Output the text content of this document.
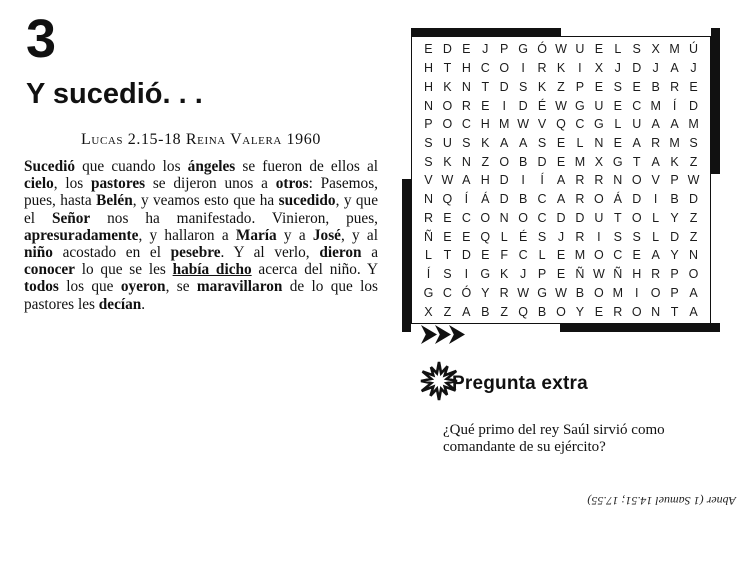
3
Y sucedió. . .
Lucas 2.15-18 Reina Valera 1960

Sucedió que cuando los ángeles se fueron de ellos al cielo, los pastores se dijeron unos a otros: Pasemos, pues, hasta Belén, y veamos esto que ha sucedido, y que el Señor nos ha manifestado. Vinieron, pues, apresuradamente, y hallaron a María y a José, y al niño acostado en el pesebre. Y al verlo, dieron a conocer lo que se les había dicho acerca del niño. Y todos los que oyeron, se maravillaron de lo que los pastores les decían.

E D E J P G Ó W U E L S X M Ú
H T H C O I	R K	I	X J D J A J
H K N T D S K Z P E S E B R E
N O R E	I	D É W G U E C M Í	D
P O C H M W V Q C G L U A A M
S U S K A A S E L N E A R M S
S K N Z O B D E M X G T A K Z
V W A H D	I	Í	A R R N O V P W
N Q Í	Á D B C A R O Á D	I	B D
R E C O N O C D D U T O L Y Z
Ñ E E Q L É S J R	I	S S L D Z
L T D E F C L E M O C E A Y N
Í	S	I G K J P E Ñ W Ñ H R P O
G C Ó Y R W G W B O M I O P A
X Z A B Z Q B O Y E R O N T A
Pregunta extra
¿Qué primo del rey Saúl sirvió como
comandante de su ejército?
Abner (1 Samuel 14.51; 17.55)
